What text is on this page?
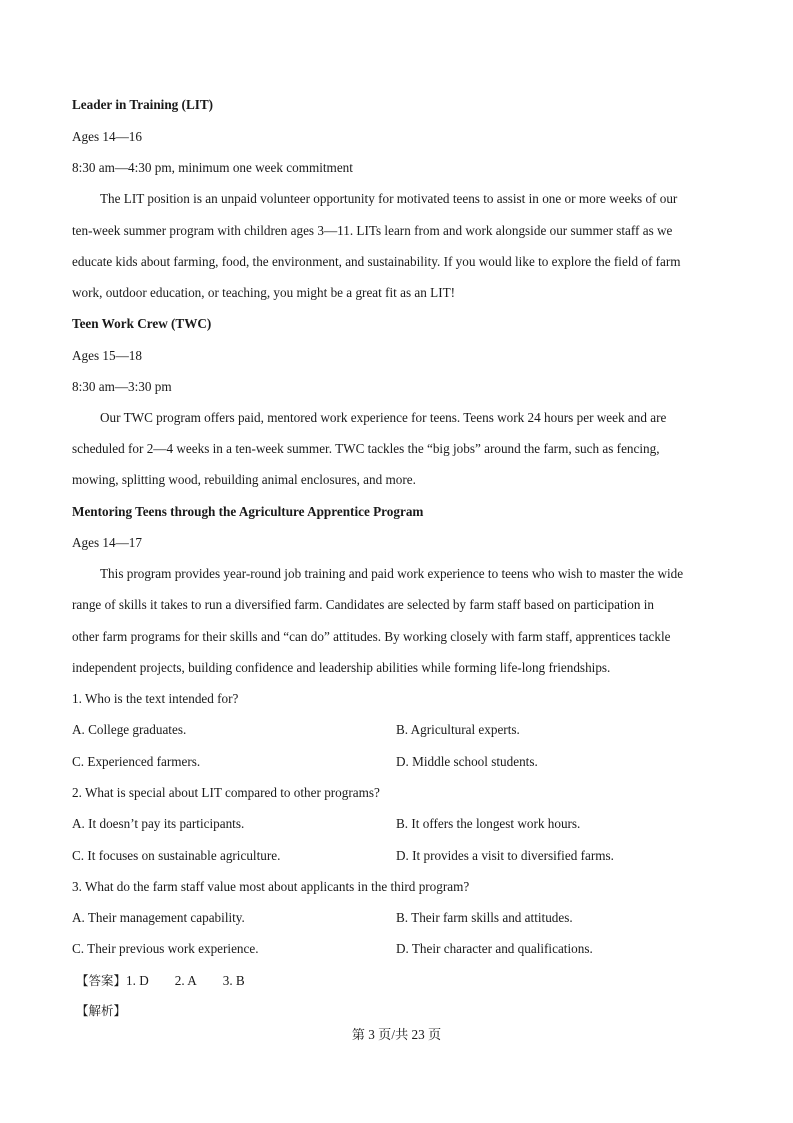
Leader in Training (LIT)
Ages 14—16
8:30 am—4:30 pm, minimum one week commitment
The LIT position is an unpaid volunteer opportunity for motivated teens to assist in one or more weeks of our
ten-week summer program with children ages 3—11. LITs learn from and work alongside our summer staff as we
educate kids about farming, food, the environment, and sustainability. If you would like to explore the field of farm
work, outdoor education, or teaching, you might be a great fit as an LIT!
Teen Work Crew (TWC)
Ages 15—18
8:30 am—3:30 pm
Our TWC program offers paid, mentored work experience for teens. Teens work 24 hours per week and are
scheduled for 2—4 weeks in a ten-week summer. TWC tackles the “big jobs” around the farm, such as fencing,
mowing, splitting wood, rebuilding animal enclosures, and more.
Mentoring Teens through the Agriculture Apprentice Program
Ages 14—17
This program provides year-round job training and paid work experience to teens who wish to master the wide
range of skills it takes to run a diversified farm. Candidates are selected by farm staff based on participation in
other farm programs for their skills and “can do” attitudes. By working closely with farm staff, apprentices tackle
independent projects, building confidence and leadership abilities while forming life-long friendships.
1. Who is the text intended for?
A. College graduates.	B. Agricultural experts.
C. Experienced farmers.	D. Middle school students.
2. What is special about LIT compared to other programs?
A. It doesn’t pay its participants.	B. It offers the longest work hours.
C. It focuses on sustainable agriculture.	D. It provides a visit to diversified farms.
3. What do the farm staff value most about applicants in the third program?
A. Their management capability.	B. Their farm skills and attitudes.
C. Their previous work experience.	D. Their character and qualifications.
【答案】1. D 2. A 3. B
【解析】
第 3 页/共 23 页
